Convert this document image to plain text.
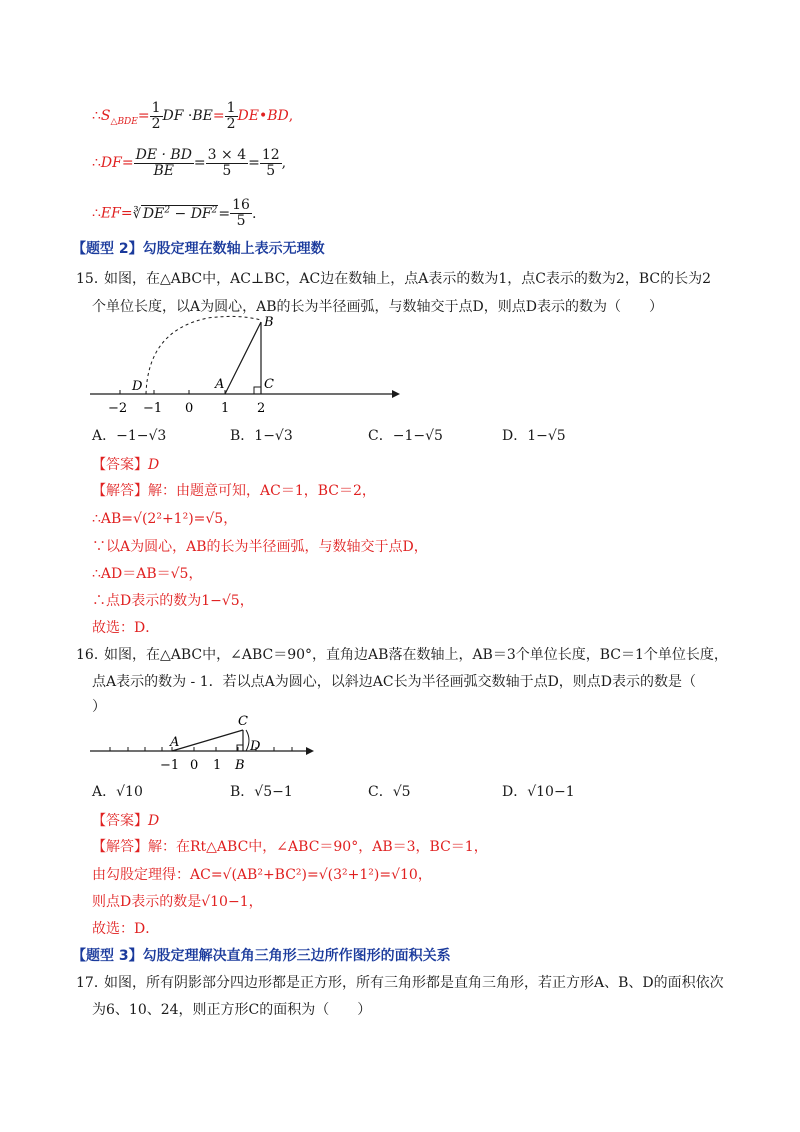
$\therefore S_{\triangle BDE}= \frac{1}{2}$ DF $\cdot BE= \frac{1}{2}$ DE•BD,
∴DF= $\frac{DE \cdot BD}{BE} = \frac{3 \times 4}{5} = \frac{12}{5}$ ,
∴EF=∛ $DE^2 - DF^2= \frac{16}{5}$ .
【题型 2】勾股定理在数轴上表示无理数
15．
如图，在△ABC中，AC⊥BC，AC边在数轴上，点A表示的数为1，点C表示的数为2，BC的长为2
个单位长度，以A为圆心，AB的长为半径画弧，与数轴交于点D，则点D表示的数为（　　）
D	A	C
B
−2 −1 0 1 2
A．−1−√3	B．1−√3	C．−1−√5	D．1−√5
【答案】D
【解答】解：由题意可知，AC＝1，BC＝2，
∴AB=√(2²+1²)=√5，
∵以A为圆心，AB的长为半径画弧，与数轴交于点D，
∴AD＝AB＝√5，
∴点D表示的数为1−√5，
故选：D．
16．
如图，在△ABC中，∠ABC＝90°，直角边AB落在数轴上，AB＝3个单位长度，BC＝1个单位长度，
点A表示的数为 - 1．若以点A为圆心，以斜边AC长为半径画弧交数轴于点D，则点D表示的数是（
）
C
A	D
−1 0 1 B
A．√10	B．√5−1	C．√5	D．√10−1
【答案】D
【解答】解：在Rt△ABC中，∠ABC＝90°，AB＝3，BC＝1，
由勾股定理得：AC=√(AB²+BC²)=√(3²+1²)=√10，
则点D表示的数是√10−1，
故选：D．
【题型 3】勾股定理解决直角三角形三边所作图形的面积关系
17．
如图，所有阴影部分四边形都是正方形，所有三角形都是直角三角形，若正方形A、B、D的面积依次
为6、10、24，则正方形C的面积为（　　）
